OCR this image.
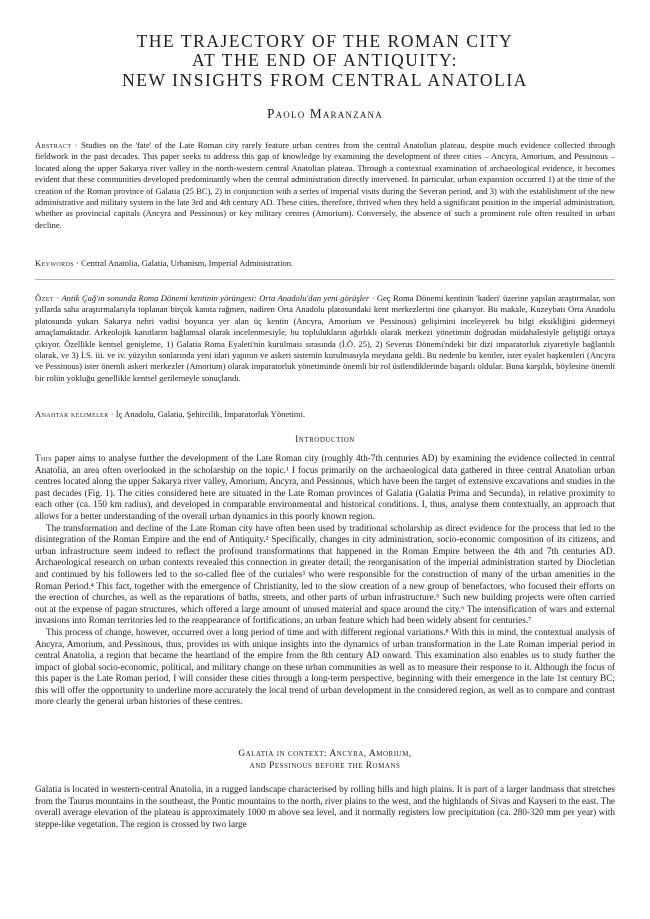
THE TRAJECTORY OF THE ROMAN CITY
AT THE END OF ANTIQUITY:
NEW INSIGHTS FROM CENTRAL ANATOLIA

Paolo Maranzana

Abstract · Studies on the 'fate' of the Late Roman city rarely feature urban centres from the central Anatolian plateau, despite much evidence collected through fieldwork in the past decades. This paper seeks to address this gap of knowledge by examining the development of three cities – Ancyra, Amorium, and Pessinous – located along the upper Sakarya river valley in the north-western central Anatolian plateau. Through a contextual examination of archaeological evidence, it becomes evident that these communities developed predominantly when the central administration directly intervened. In particular, urban expansion occurred 1) at the time of the creation of the Roman province of Galatia (25 BC), 2) in conjunction with a series of imperial visits during the Severan period, and 3) with the establishment of the new administrative and military system in the late 3rd and 4th century AD. These cities, therefore, thrived when they held a significant position in the imperial administration, whether as provincial capitals (Ancyra and Pessinous) or key military centres (Amorium). Conversely, the absence of such a prominent role often resulted in urban decline.

Keywords · Central Anatolia, Galatia, Urbanism, Imperial Administration.

Özet · Antik Çağ'ın sonunda Roma Dönemi kentinin yörüngesi: Orta Anadolu'dan yeni görüşler · Geç Roma Dönemi kentinin 'kaderi' üzerine yapılan araştırmalar, son yıllarda saha araştırmalarıyla toplanan birçok kanıta rağmen, nadiren Orta Anadolu platosundaki kent merkezlerini öne çıkarıyor. Bu makale, Kuzeybatı Orta Anadolu platosunda yukarı Sakarya nehri vadisi boyunca yer alan üç kentin (Ancyra, Amorium ve Pessinous) gelişimini inceleyerek bu bilgi eksikliğini gidermeyi amaçlamaktadır. Arkeolojik kanıtların bağlamsal olarak incelenmesiyle, bu toplulukların ağırlıklı olarak merkezi yönetimin doğrudan müdahalesiyle geliştiği ortaya çıkıyor. Özellikle kentsel genişleme, 1) Galatia Roma Eyaleti'nin kurulması sırasında (İ.Ö. 25), 2) Severus Dönemi'ndeki bir dizi imparatorluk ziyaretiyle bağlantılı olarak, ve 3) İ.S. iii. ve iv. yüzyılın sonlarında yeni idari yapının ve askeri sistemin kurulmasıyla meydana geldi. Bu nedenle bu kentler, ister eyalet başkentleri (Ancyra ve Pessinous) ister önemli askeri merkezler (Amorium) olarak imparatorluk yönetiminde önemli bir rol üstlendiklerinde başarılı oldular. Buna karşılık, böylesine önemli bir rolün yokluğu genellikle kentsel gerilemeyle sonuçlandı.

Anahtar kelimeler · İç Anadolu, Galatia, Şehircilik, İmparatorluk Yönetimi.

Introduction

This paper aims to analyse further the development of the Late Roman city (roughly 4th-7th centuries AD) by examining the evidence collected in central Anatolia, an area often overlooked in the scholarship on the topic.¹ I focus primarily on the archaeological data gathered in three central Anatolian urban centres located along the upper Sakarya river valley, Amorium, Ancyra, and Pessinous, which have been the target of extensive excavations and studies in the past decades (Fig. 1). The cities considered here are situated in the Late Roman provinces of Galatia (Galatia Prima and Secunda), in relative proximity to each other (ca. 150 km radius), and developed in comparable environmental and historical conditions. I, thus, analyse them contextually, an approach that allows for a better understanding of the overall urban dynamics in this poorly known region.

The transformation and decline of the Late Roman city have often been used by traditional scholarship as direct evidence for the process that led to the disintegration of the Roman Empire and the end of Antiquity.² Specifically, changes in city administration, socio-economic composition of its citizens, and urban infrastructure seem indeed to reflect the profound transformations that happened in the Roman Empire between the 4th and 7th centuries AD. Archaeological research on urban contexts revealed this connection in greater detail; the reorganisation of the imperial administration started by Diocletian and continued by his followers led to the so-called flee of the curiales³ who were responsible for the construction of many of the urban amenities in the Roman Period.⁴ This fact, together with the emergence of Christianity, led to the slow creation of a new group of benefactors, who focused their efforts on the erection of churches, as well as the reparations of baths, streets, and other parts of urban infrastructure.⁵ Such new building projects were often carried out at the expense of pagan structures, which offered a large amount of unused material and space around the city.⁶ The intensification of wars and external invasions into Roman territories led to the reappearance of fortifications, an urban feature which had been widely absent for centuries.⁷

This process of change, however, occurred over a long period of time and with different regional variations.⁸ With this in mind, the contextual analysis of Ancyra, Amorium, and Pessinous, thus, provides us with unique insights into the dynamics of urban transformation in the Late Roman imperial period in central Anatolia, a region that became the heartland of the empire from the 8th century AD onward. This examination also enables us to study further the impact of global socio-economic, political, and military change on these urban communities as well as to measure their response to it. Although the focus of this paper is the Late Roman period, I will consider these cities through a long-term perspective, beginning with their emergence in the late 1st century BC; this will offer the opportunity to underline more accurately the local trend of urban development in the considered region, as well as to compare and contrast more clearly the general urban histories of these centres.

Galatia in context: Ancyra, Amorium,
and Pessinous before the Romans

Galatia is located in western-central Anatolia, in a rugged landscape characterised by rolling hills and high plains. It is part of a larger landmass that stretches from the Taurus mountains in the southeast, the Pontic mountains to the north, river plains to the west, and the highlands of Sivas and Kayseri to the east. The overall average elevation of the plateau is approximately 1000 m above sea level, and it normally registers low precipitation (ca. 280-320 mm per year) with steppe-like vegetation. The region is crossed by two large
